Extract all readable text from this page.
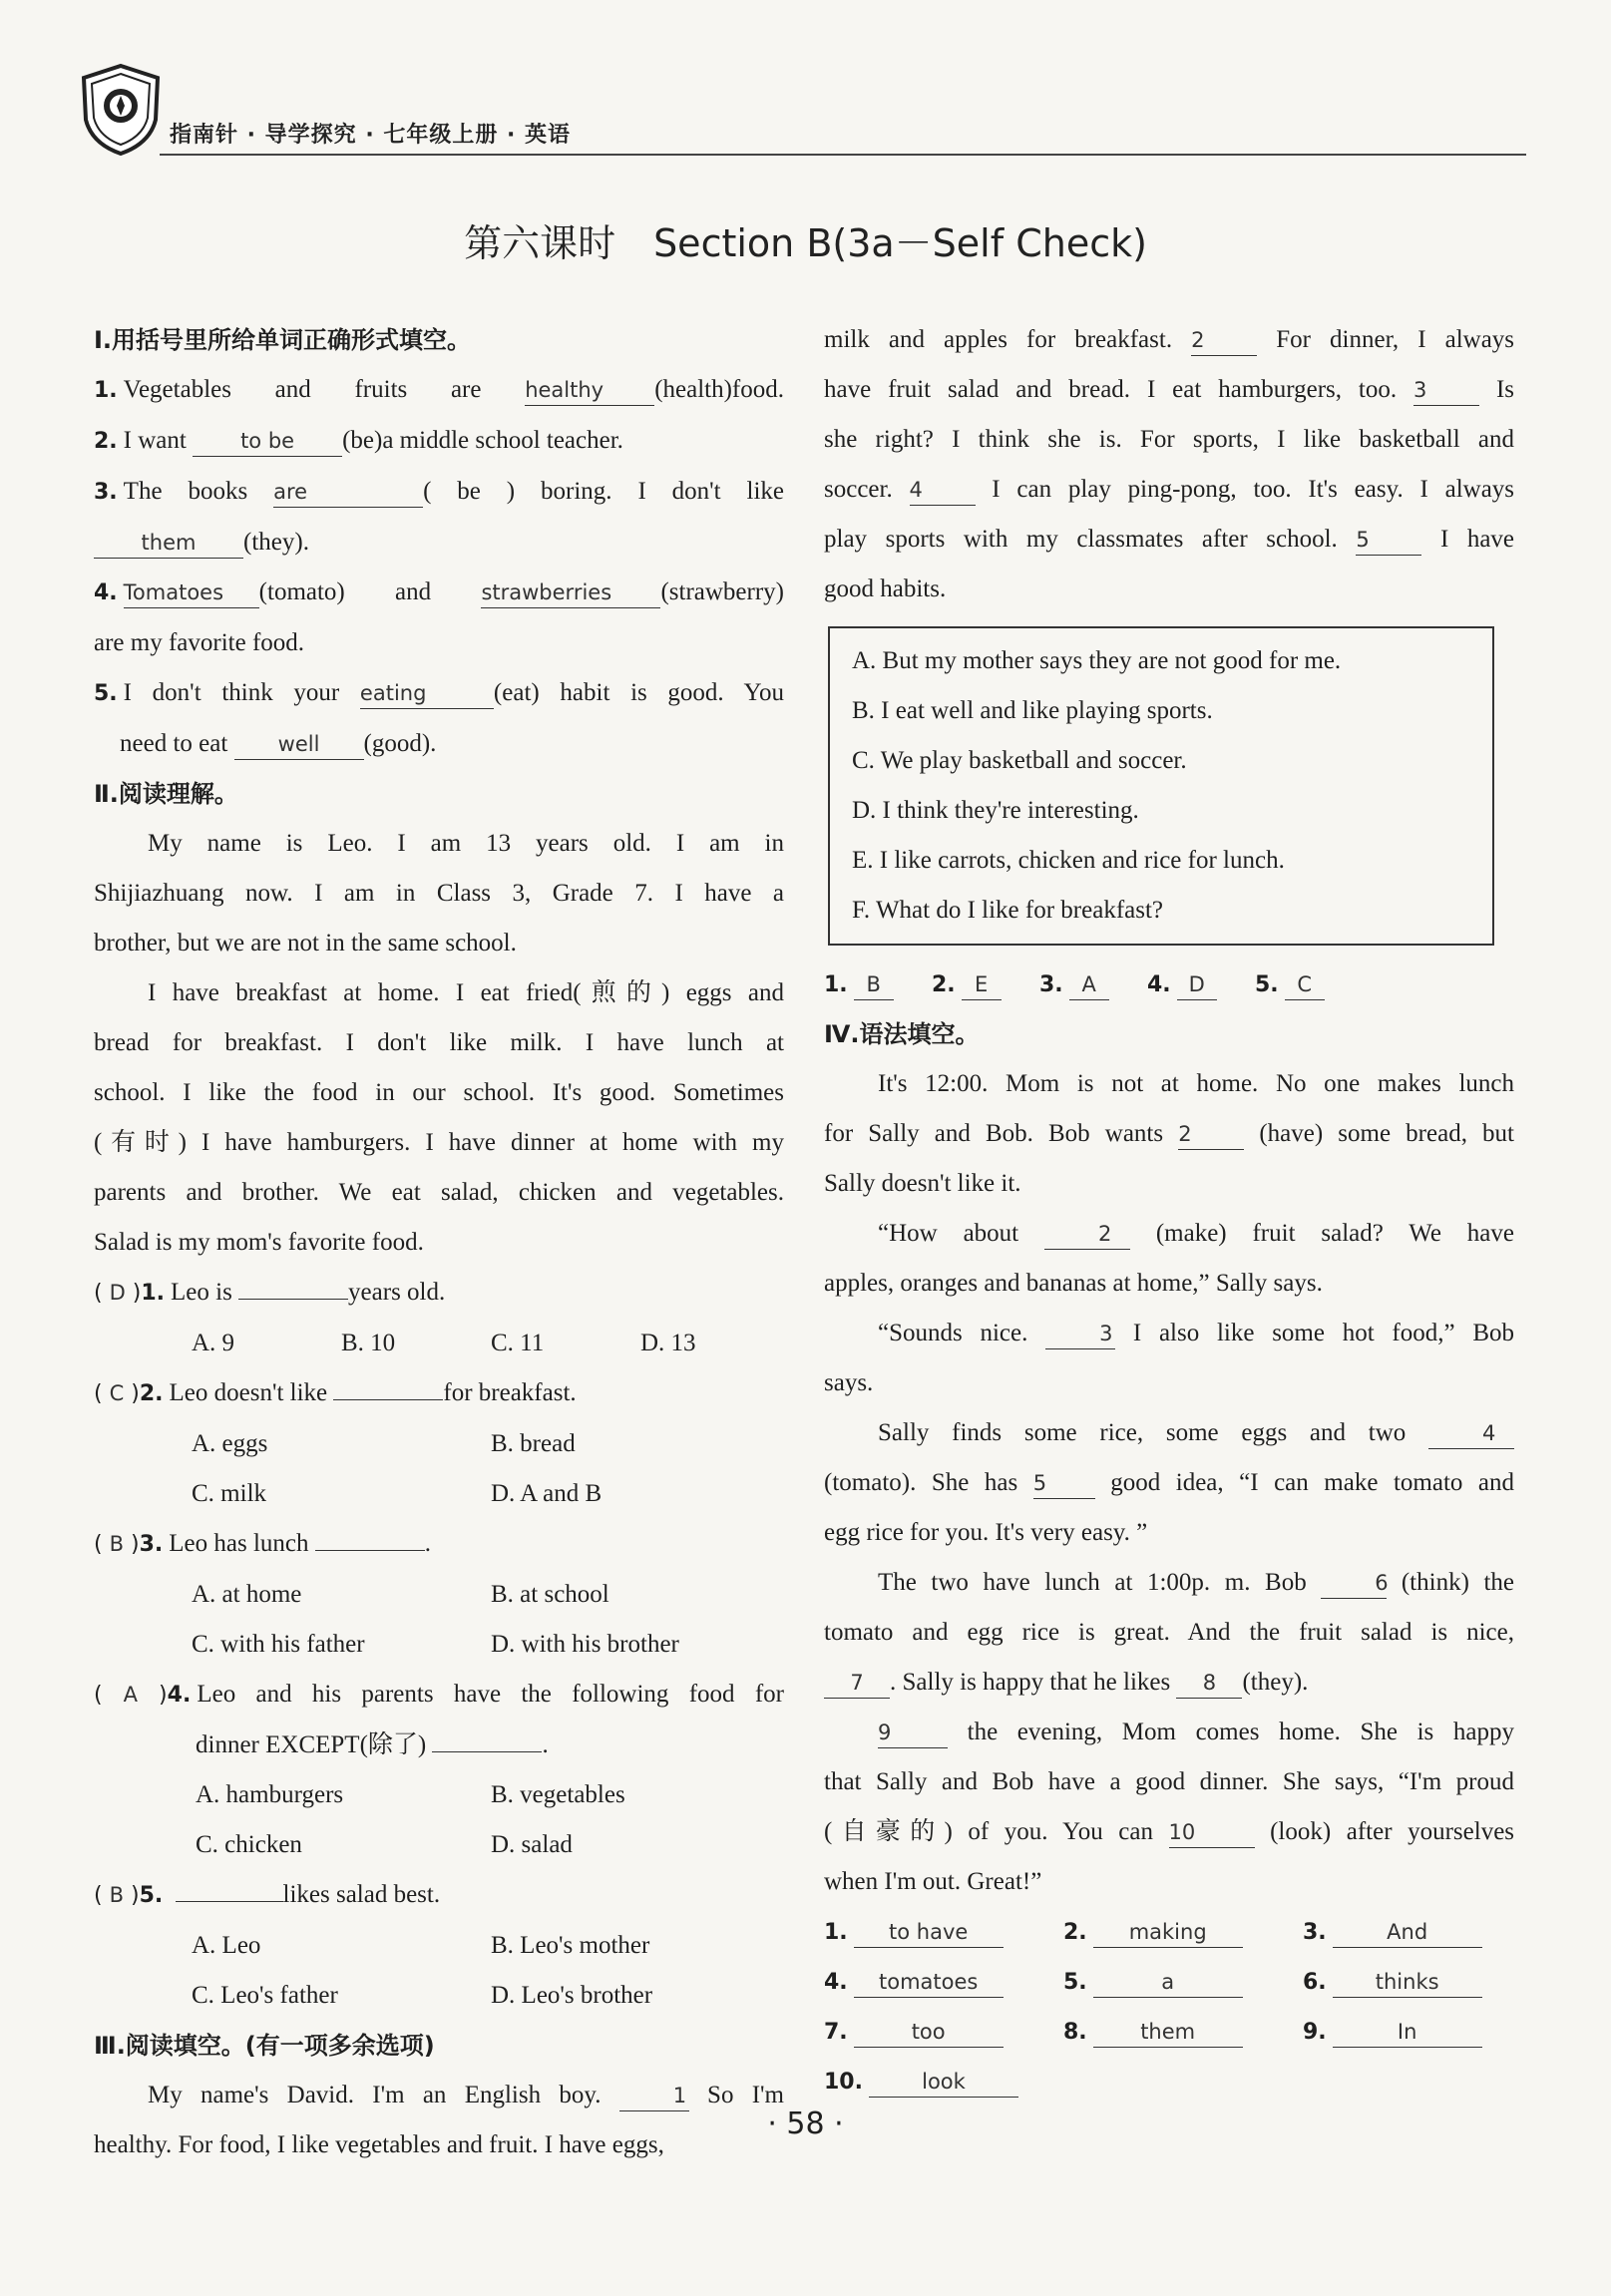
指南针 · 导学探究 · 七年级上册 · 英语
第六课时　Section B(3a－Self Check)
Ⅰ.用括号里所给单词正确形式填空。
1. Vegetables and fruits are healthy (health)food.
2. I want	to be (be)a middle school teacher.
3. The books are	( be ) boring. I don't like
them (they).
4. Tomatoes (tomato) and strawberries (strawberry)
are my favorite food.
5. I don't think your eating	(eat) habit is good. You
need to eat well (good).
Ⅱ.阅读理解。
My name is Leo. I am 13 years old. I am in
Shijiazhuang now. I am in Class 3, Grade 7. I have a
brother, but we are not in the same school.
I have breakfast at home. I eat fried(煎的) eggs and
bread for breakfast. I don't like milk. I have lunch at
school. I like the food in our school. It's good. Sometimes
(有时) I have hamburgers. I have dinner at home with my
parents and brother. We eat salad, chicken and vegetables.
Salad is my mom's favorite food.
( D )1. Leo is	years old.
A. 9	B. 10	C. 11	D. 13
( C )2. Leo doesn't like	for breakfast.
A. eggs	B. bread
C. milk	D. A and B
( B )3. Leo has lunch	.
A. at home	B. at school
C. with his father	D. with his brother
( A )4. Leo and his parents have the following food for
dinner EXCEPT(除了)	.
A. hamburgers	B. vegetables
C. chicken	D. salad
( B )5.	likes salad best.
A. Leo	B. Leo's mother
C. Leo's father	D. Leo's brother
Ⅲ.阅读填空。(有一项多余选项)
My name's David. I'm an English boy.	1 So I'm
healthy. For food, I like vegetables and fruit. I have eggs,
milk and apples for breakfast. 2	For dinner, I always
have fruit salad and bread. I eat hamburgers, too. 3	Is
she right? I think she is. For sports, I like basketball and
soccer. 4	I can play ping-pong, too. It's easy. I always
play sports with my classmates after school. 5	I have
good habits.
A. But my mother says they are not good for me.
B. I eat well and like playing sports.
C. We play basketball and soccer.
D. I think they're interesting.
E. I like carrots, chicken and rice for lunch.
F. What do I like for breakfast?
1. B	2. E	3. A	4. D	5. C
Ⅳ.语法填空。
It's 12:00. Mom is not at home. No one makes lunch
for Sally and Bob. Bob wants 2	(have) some bread, but
Sally doesn't like it.
“How about	2 (make) fruit salad? We have
apples, oranges and bananas at home,” Sally says.
“Sounds nice.	3 I also like some hot food,” Bob
says.
Sally finds some rice, some eggs and two	4
(tomato). She has 5	good idea, “I can make tomato and
egg rice for you. It's very easy. ”
The two have lunch at 1:00p. m. Bob	6 (think) the
tomato and egg rice is great. And the fruit salad is nice,
7 . Sally is happy that he likes 8 (they).
9	the evening, Mom comes home. She is happy
that Sally and Bob have a good dinner. She says, “I'm proud
(自豪的) of you. You can 10	(look) after yourselves
when I'm out. Great!”
1. to have	2. making	3.	And
4. tomatoes	5.	a	6. thinks
7.	too	8.	them	9.	In
10.	look
· 58 ·
